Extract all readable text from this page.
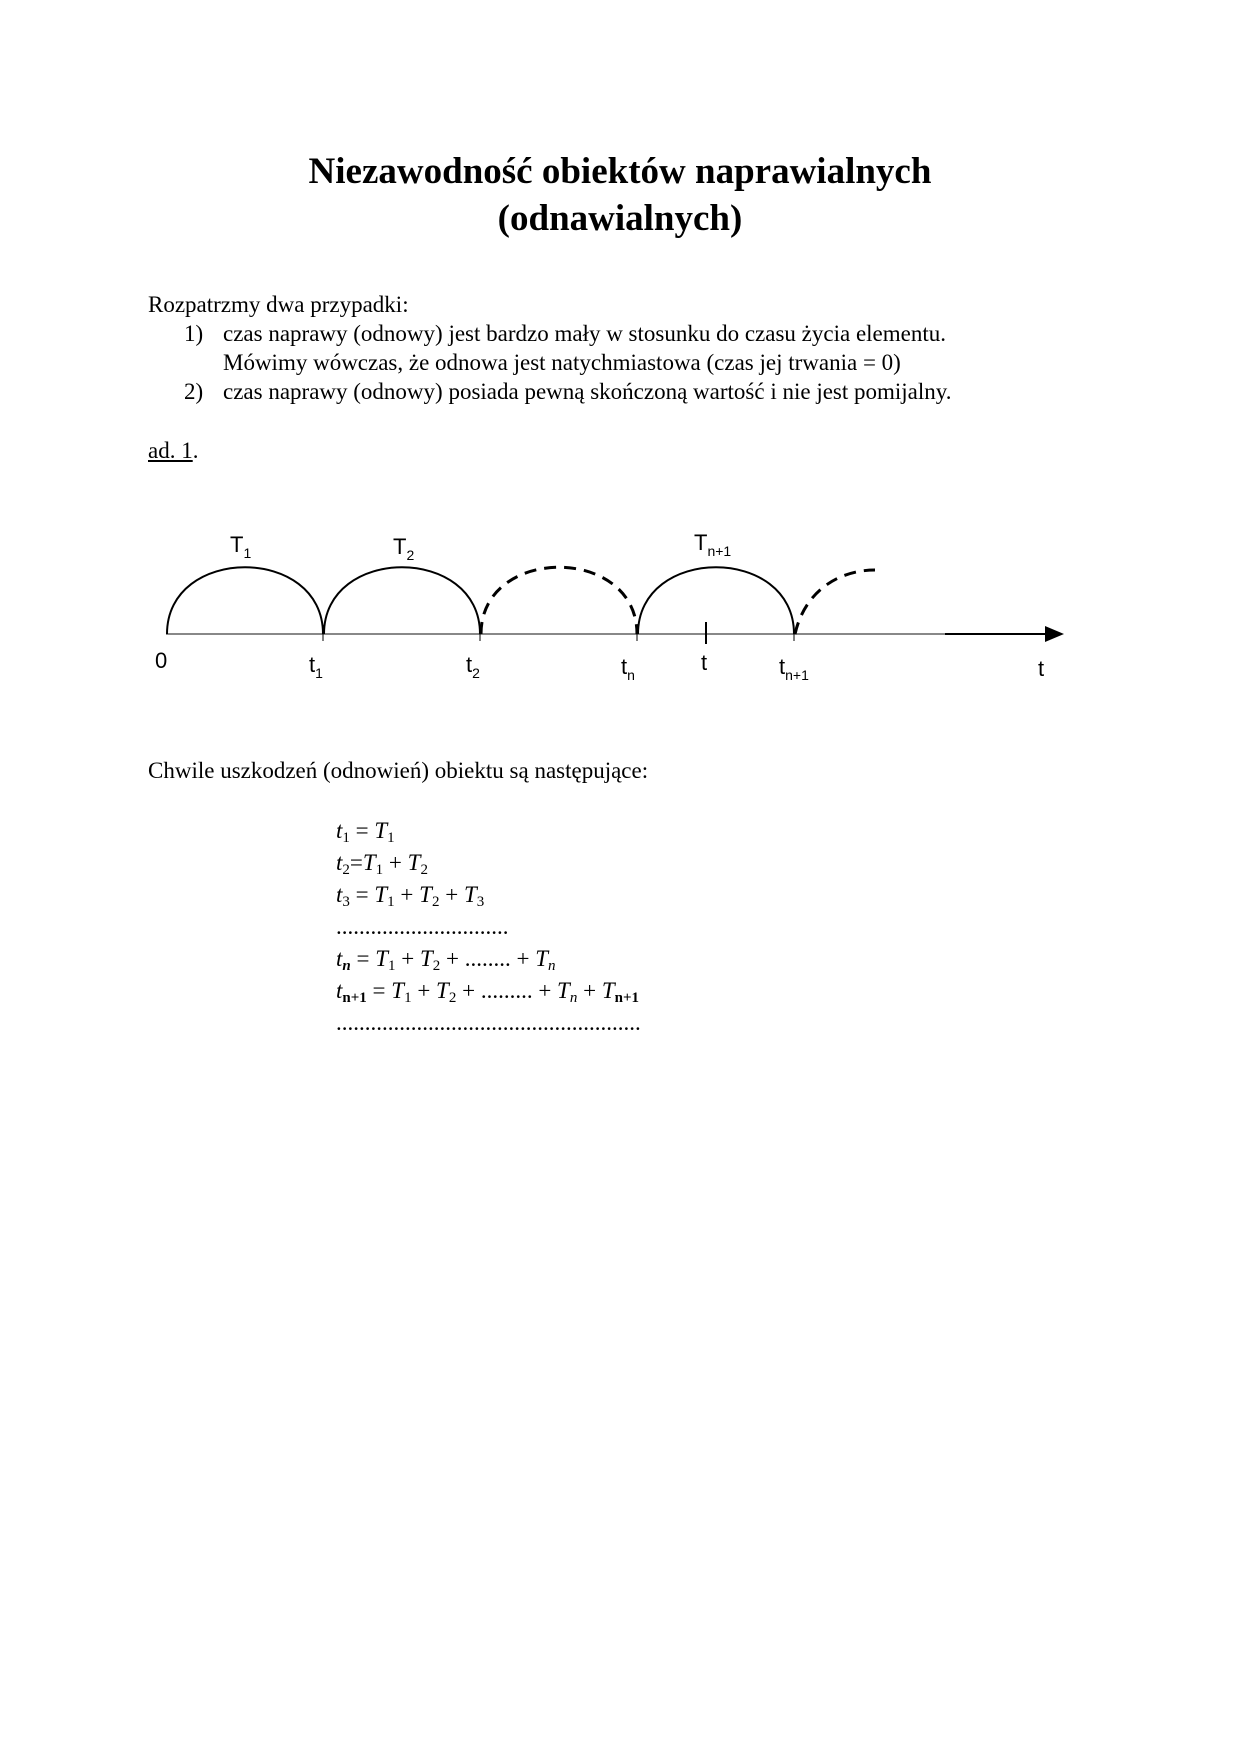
Niezawodność obiektów naprawialnych
(odnawialnych)
Rozpatrzmy dwa przypadki:
1) czas naprawy (odnowy) jest bardzo mały w stosunku do czasu życia elementu.
Mówimy wówczas, że odnowa jest natychmiastowa (czas jej trwania = 0)
2) czas naprawy (odnowy) posiada pewną skończoną wartość i nie jest pomijalny.
ad. 1.
$T_1$	$T_2$	$T_{n+1}$
0	$t_1$	$t_2$	$t_n$	t	$t_{n+1}$	t
Chwile uszkodzeń (odnowień) obiektu są następujące:
$t_1 = T_1$
$t_2=T_1 + T_2$
$t_3 = T_1 + T_2 + T_3$
..............................
$t_n = T_1 + T_2$ + ........ + $T_n$
$t_{n+1} = T_1 + T_2$ + ......... + $T_n + T_{n+1}$
.....................................................
